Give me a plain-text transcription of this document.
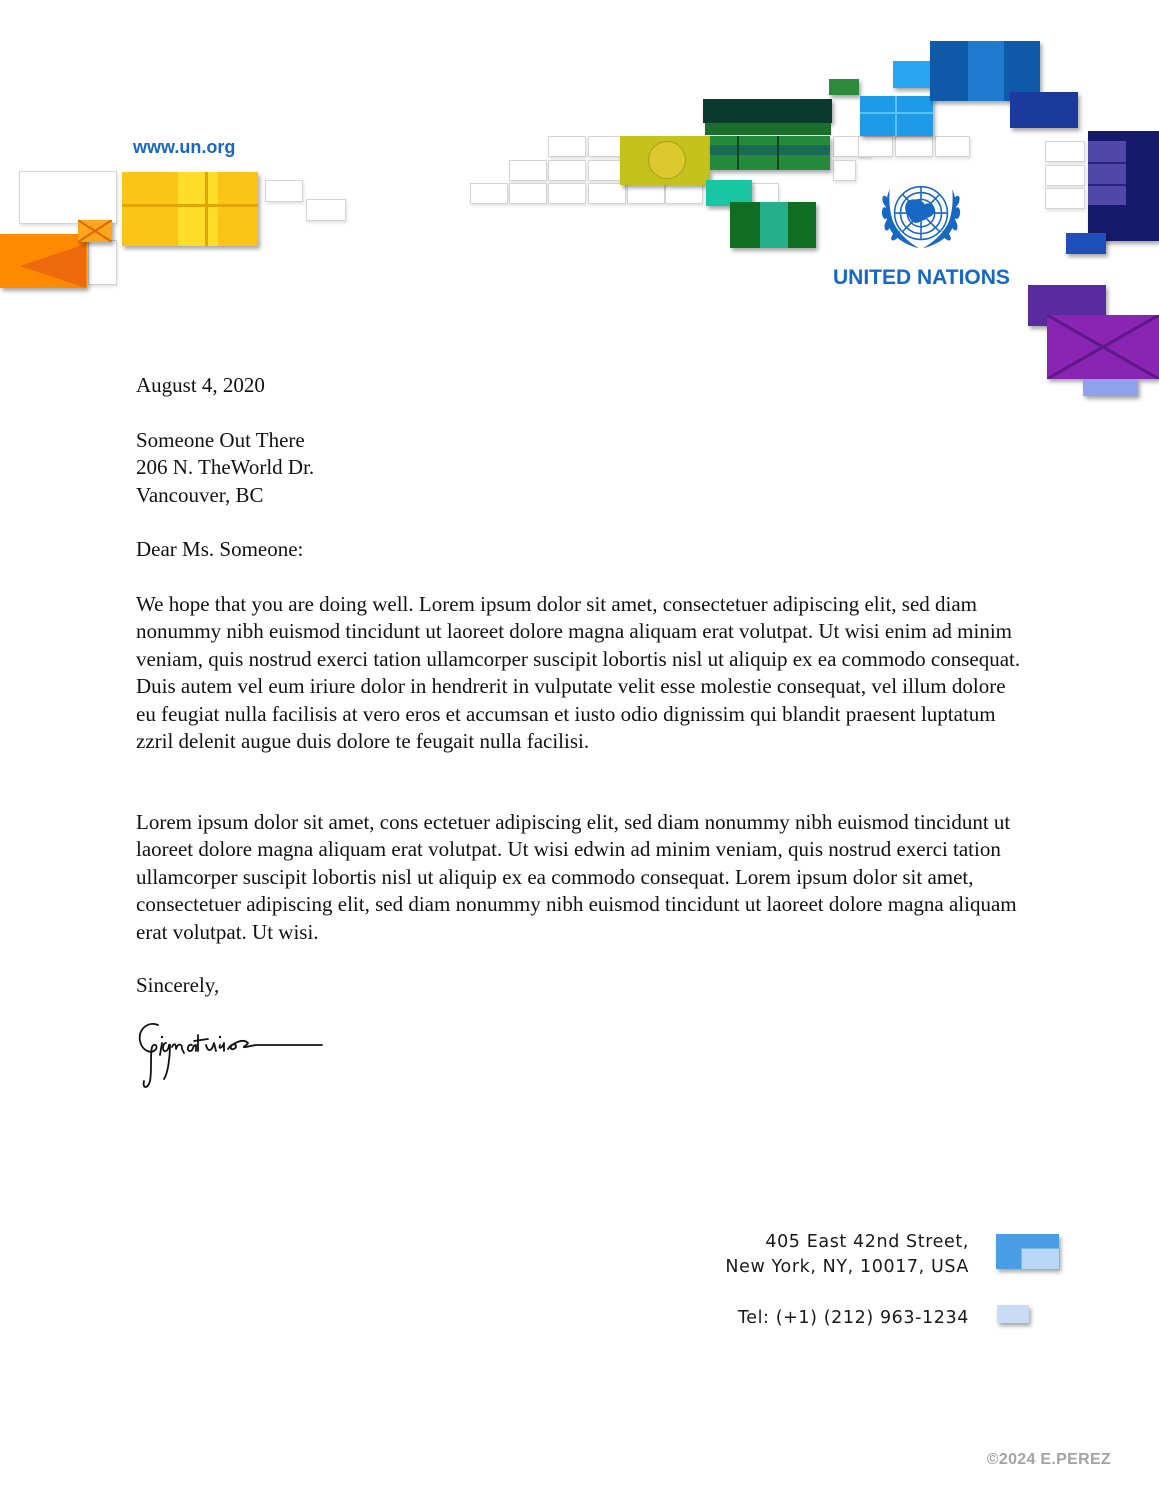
www.un.org
UNITED NATIONS
August 4, 2020
Someone Out There
206 N. TheWorld Dr.
Vancouver, BC
Dear Ms. Someone:
We hope that you are doing well. Lorem ipsum dolor sit amet, consectetuer adipiscing elit, sed diam nonummy nibh euismod tincidunt ut laoreet dolore magna aliquam erat volutpat. Ut wisi enim ad minim veniam, quis nostrud exerci tation ullamcorper suscipit lobortis nisl ut aliquip ex ea commodo consequat. Duis autem vel eum iriure dolor in hendrerit in vulputate velit esse molestie consequat, vel illum dolore eu feugiat nulla facilisis at vero eros et accumsan et iusto odio dignissim qui blandit praesent luptatum zzril delenit augue duis dolore te feugait nulla facilisi.
Lorem ipsum dolor sit amet, cons ectetuer adipiscing elit, sed diam nonummy nibh euismod tincidunt ut laoreet dolore magna aliquam erat volutpat. Ut wisi edwin ad minim veniam, quis nostrud exerci tation ullamcorper suscipit lobortis nisl ut aliquip ex ea commodo consequat. Lorem ipsum dolor sit amet, consectetuer adipiscing elit, sed diam nonummy nibh euismod tincidunt ut laoreet dolore magna aliquam erat volutpat. Ut wisi.
Sincerely,
405 East 42nd Street,
New York, NY, 10017, USA
Tel: (+1) (212) 963-1234
©2024 E.PEREZ
